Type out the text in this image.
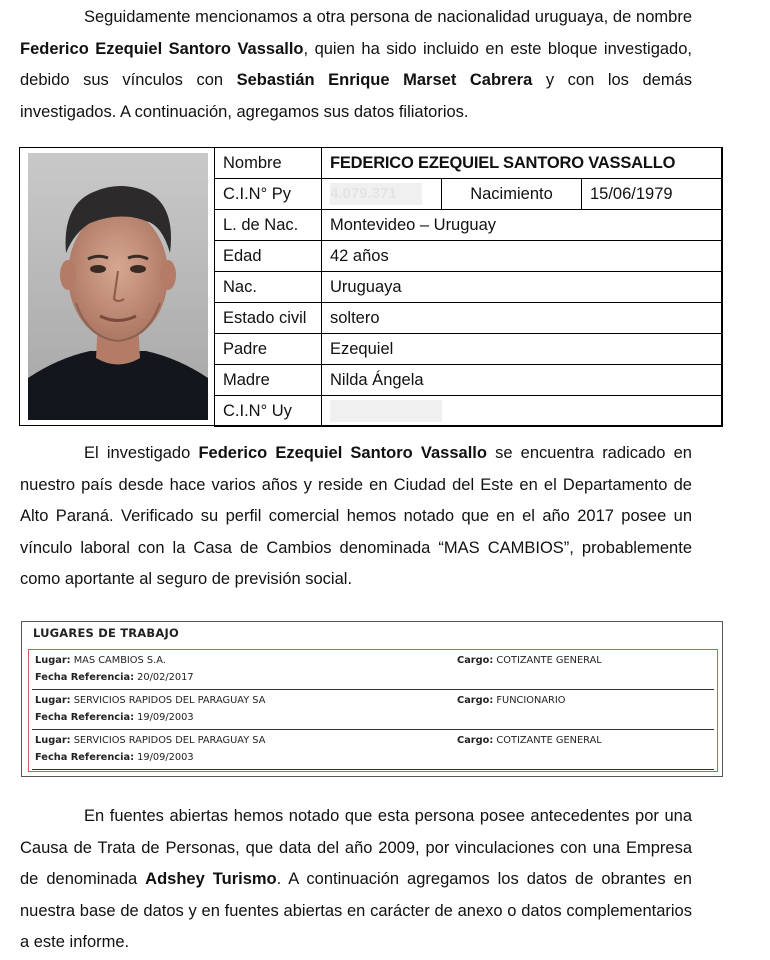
Seguidamente mencionamos a otra persona de nacionalidad uruguaya, de nombre Federico Ezequiel Santoro Vassallo, quien ha sido incluido en este bloque investigado, debido sus vínculos con Sebastián Enrique Marset Cabrera y con los demás investigados. A continuación, agregamos sus datos filiatorios.

Nombre	FEDERICO EZEQUIEL SANTORO VASSALLO		
C.I.N° Py	4.079.371	Nacimiento	15/06/1979
L. de Nac.	Montevideo – Uruguay		
Edad	42 años		
Nac.	Uruguaya		
Estado civil	soltero		
Padre	Ezequiel		
Madre	Nilda Ángela		
C.I.N° Uy			

El investigado Federico Ezequiel Santoro Vassallo se encuentra radicado en nuestro país desde hace varios años y reside en Ciudad del Este en el Departamento de Alto Paraná. Verificado su perfil comercial hemos notado que en el año 2017 posee un vínculo laboral con la Casa de Cambios denominada “MAS CAMBIOS”, probablemente como aportante al seguro de previsión social.

LUGARES DE TRABAJO
Lugar: MAS CAMBIOS S.A.
Fecha Referencia: 20/02/2017
Cargo: COTIZANTE GENERAL
Lugar: SERVICIOS RAPIDOS DEL PARAGUAY SA
Fecha Referencia: 19/09/2003
Cargo: FUNCIONARIO
Lugar: SERVICIOS RAPIDOS DEL PARAGUAY SA
Fecha Referencia: 19/09/2003
Cargo: COTIZANTE GENERAL

En fuentes abiertas hemos notado que esta persona posee antecedentes por una Causa de Trata de Personas, que data del año 2009, por vinculaciones con una Empresa de denominada Adshey Turismo. A continuación agregamos los datos de obrantes en nuestra base de datos y en fuentes abiertas en carácter de anexo o datos complementarios a este informe.
